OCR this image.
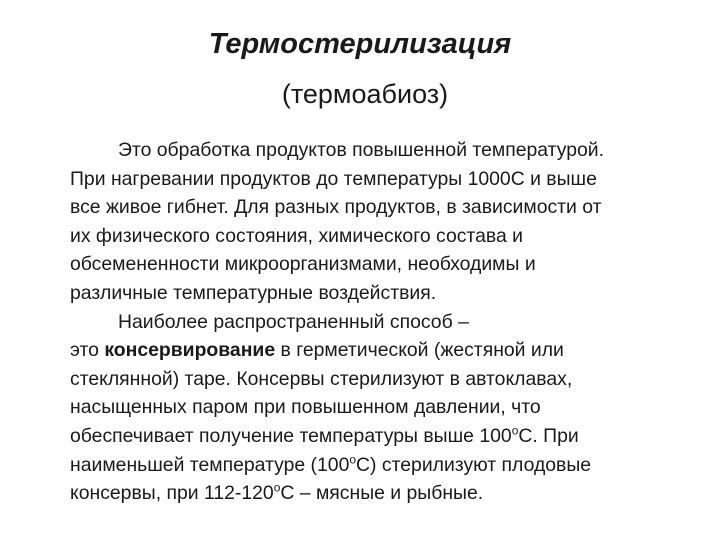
Термостерилизация
(термоабиоз)
Это обработка продуктов повышенной температурой.
При нагревании продуктов до температуры 1000С и выше
все живое гибнет. Для разных продуктов, в зависимости от
их физического состояния, химического состава и
обсемененности микроорганизмами, необходимы и
различные температурные воздействия.
Наиболее распространенный способ –
это консервирование в герметической (жестяной или
стеклянной) таре. Консервы стерилизуют в автоклавах,
насыщенных паром при повышенном давлении, что
обеспечивает получение температуры выше $100^оС$. При
наименьшей температуре $(100^оС)$ стерилизуют плодовые
консервы, при $112-120^оС$ – мясные и рыбные.
